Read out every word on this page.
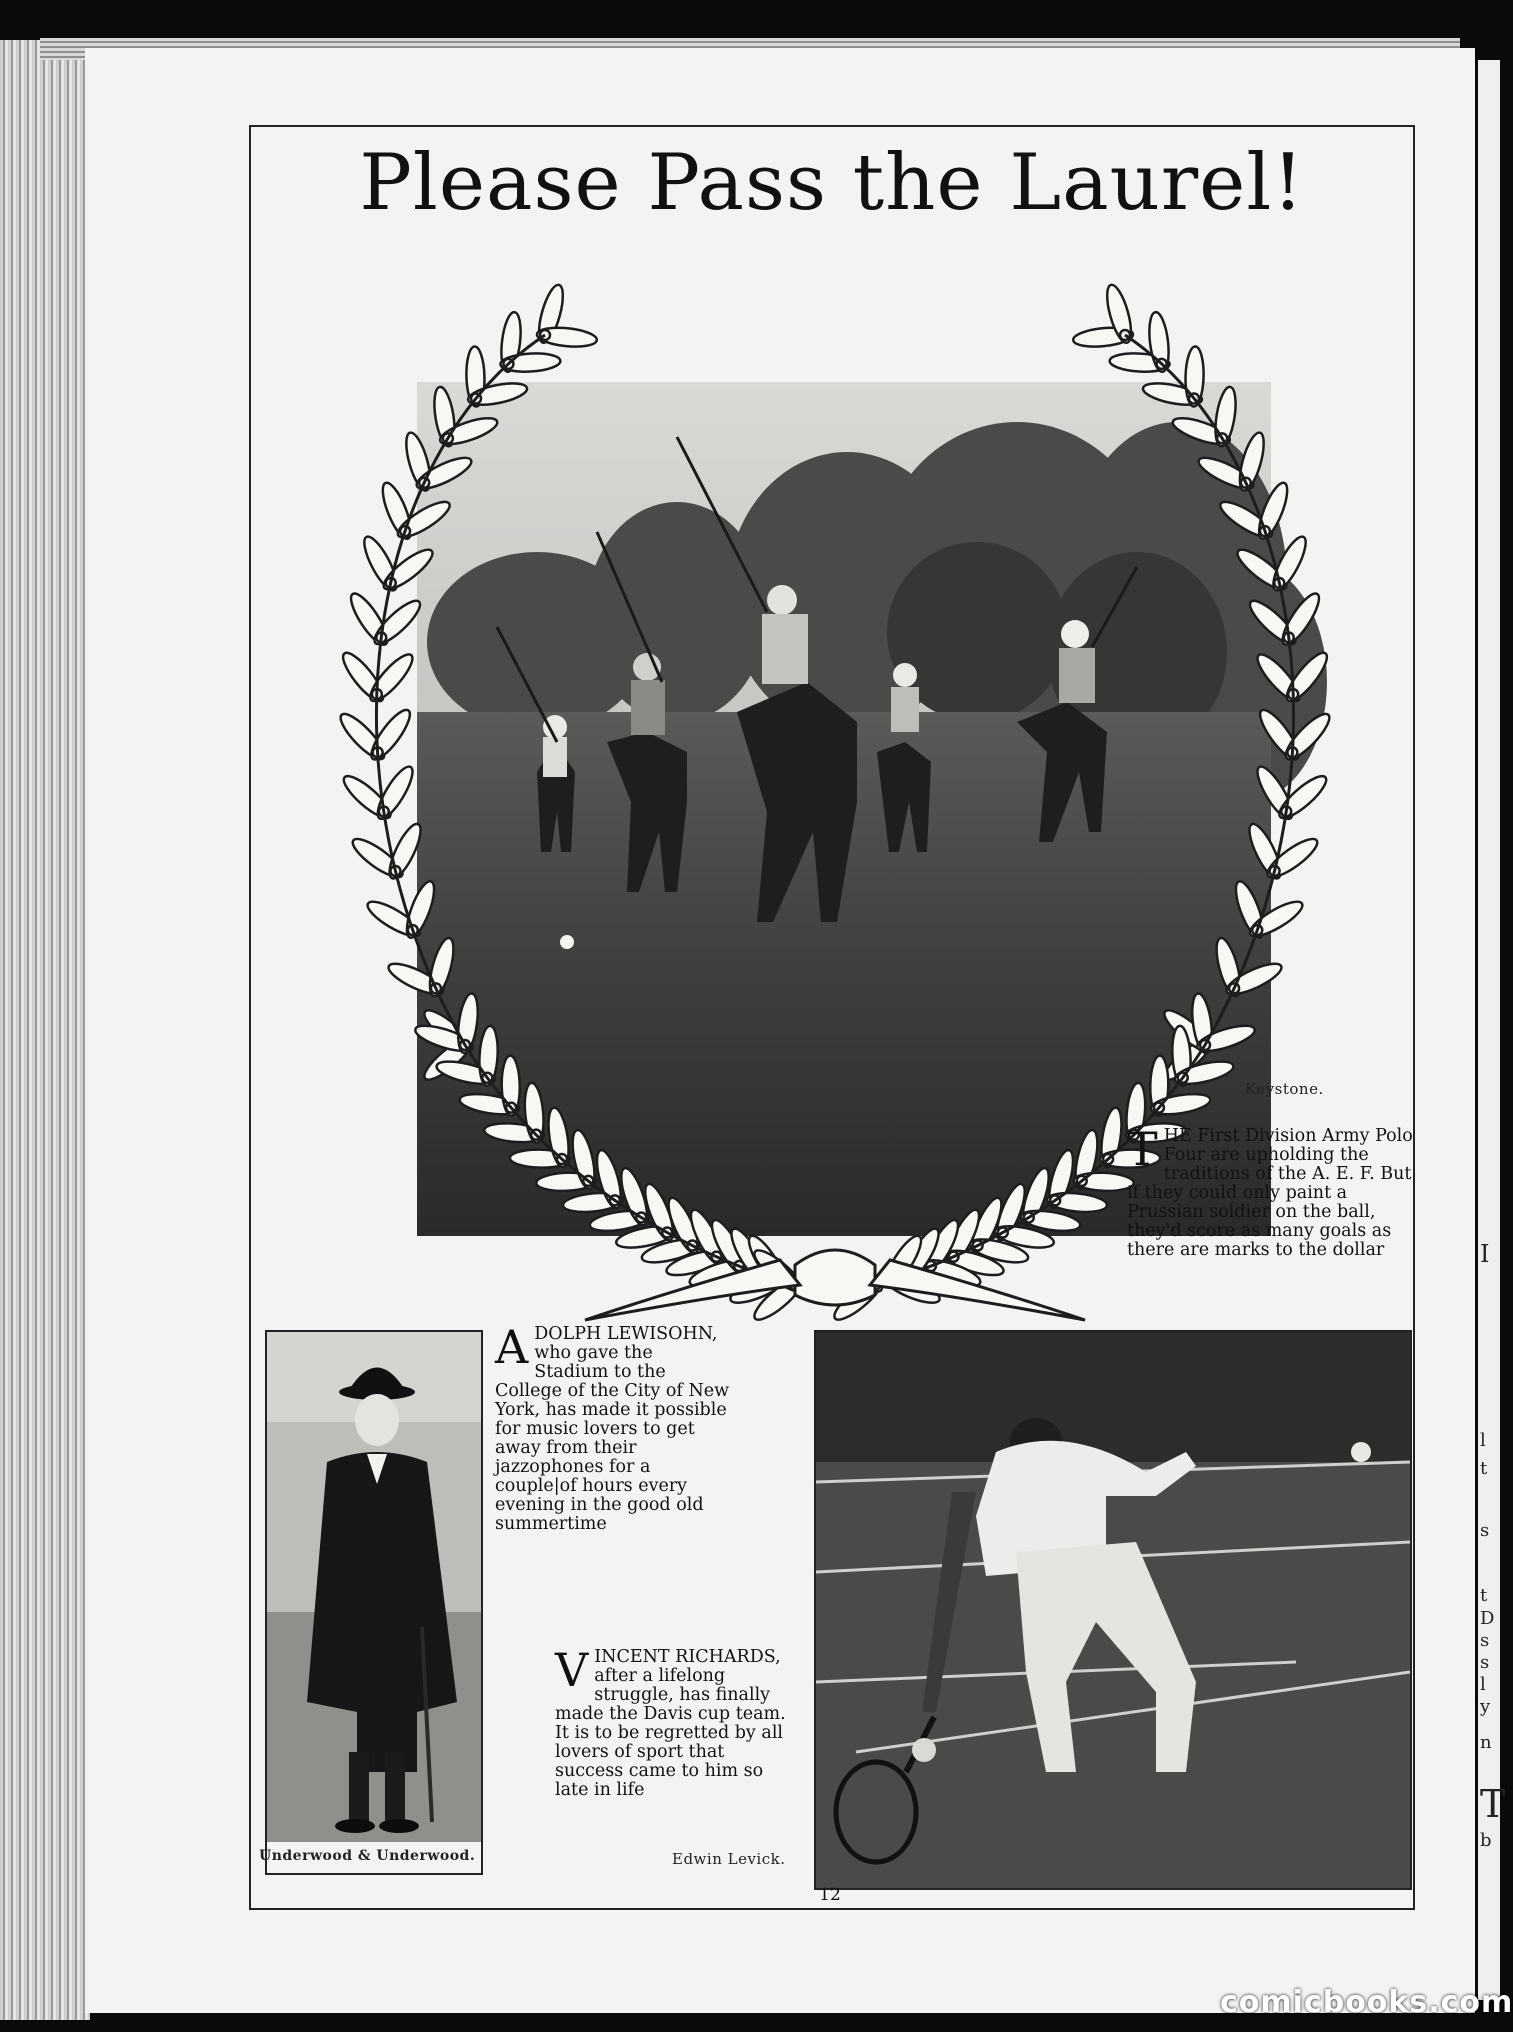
I
l
t
s
t
D
s
s
l
y
n
T
b
Please Pass the Laurel!
Keystone.
T HE First Division Army Polo Four are upholding the traditions of the A. E. F. But if they could only paint a Prussian soldier on the ball, they'd score as many goals as there are marks to the dollar
Underwood & Underwood.
A DOLPH LEWISOHN, who gave the Stadium to the College of the City of New York, has made it possible for music lovers to get away from their jazzophones for a couple|of hours every evening in the good old summertime
V INCENT RICHARDS, after a lifelong struggle, has finally made the Davis cup team. It is to be regretted by all lovers of sport that success came to him so late in life
Edwin Levick.
12
comicbooks.com
